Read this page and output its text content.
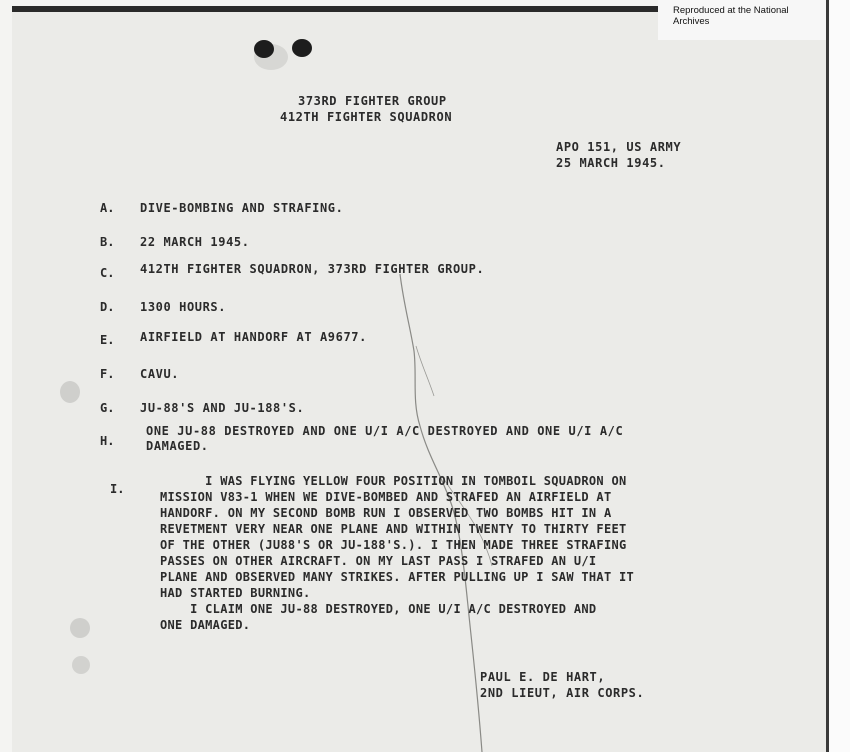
373RD FIGHTER GROUP
412TH FIGHTER SQUADRON
APO 151, US ARMY
25 MARCH 1945.
A. DIVE-BOMBING AND STRAFING.
B. 22 MARCH 1945.
C. 412TH FIGHTER SQUADRON, 373RD FIGHTER GROUP.
D. 1300 HOURS.
E. AIRFIELD AT HANDORF AT A9677.
F. CAVU.
G. JU-88'S AND JU-188'S.
H.
ONE JU-88 DESTROYED AND ONE U/I A/C DESTROYED AND ONE U/I A/C
DAMAGED.
I.
I WAS FLYING YELLOW FOUR POSITION IN TOMBOIL SQUADRON ON
MISSION V83-1 WHEN WE DIVE-BOMBED AND STRAFED AN AIRFIELD AT
HANDORF. ON MY SECOND BOMB RUN I OBSERVED TWO BOMBS HIT IN A
REVETMENT VERY NEAR ONE PLANE AND WITHIN TWENTY TO THIRTY FEET
OF THE OTHER (JU88'S OR JU-188'S.). I THEN MADE THREE STRAFING
PASSES ON OTHER AIRCRAFT. ON MY LAST PASS I STRAFED AN U/I
PLANE AND OBSERVED MANY STRIKES. AFTER PULLING UP I SAW THAT IT
HAD STARTED BURNING.
I CLAIM ONE JU-88 DESTROYED, ONE U/I A/C DESTROYED AND
ONE DAMAGED.
PAUL E. DE HART,
2ND LIEUT, AIR CORPS.
Reproduced at the National Archives
